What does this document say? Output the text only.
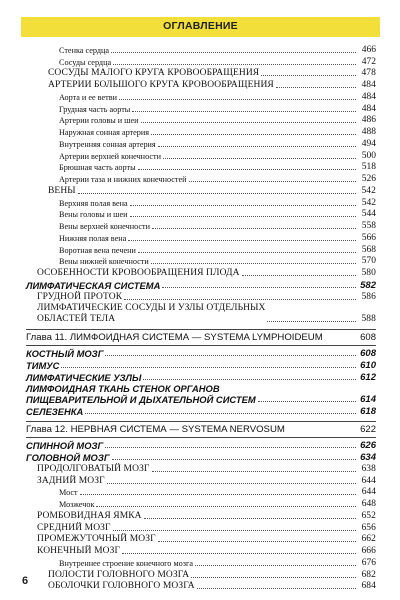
ОГЛАВЛЕНИЕ
Стенка сердца	466
Сосуды сердца	472
СОСУДЫ МАЛОГО КРУГА КРОВООБРАЩЕНИЯ	478
АРТЕРИИ БОЛЬШОГО КРУГА КРОВООБРАЩЕНИЯ	484
Аорта и ее ветви	484
Грудная часть аорты	484
Артерии головы и шеи	486
Наружная сонная артерия	488
Внутренняя сонная артерия	494
Артерии верхней конечности	500
Брюшная часть аорты	518
Артерии таза и нижних конечностей	526
ВЕНЫ	542
Верхняя полая вена	542
Вены головы и шеи	544
Вены верхней конечности	558
Нижняя полая вена	566
Воротная вена печени	568
Вены нижней конечности	570
ОСОБЕННОСТИ КРОВООБРАЩЕНИЯ ПЛОДА	580
ЛИМФАТИЧЕСКАЯ СИСТЕМА	582
ГРУДНОЙ ПРОТОК	586
ЛИМФАТИЧЕСКИЕ СОСУДЫ И УЗЛЫ ОТДЕЛЬНЫХ
ОБЛАСТЕЙ ТЕЛА	588
Глава 11. ЛИМФОИДНАЯ СИСТЕМА — SYSTEMA LYMPHOIDEUM	608
КОСТНЫЙ МОЗГ	608
ТИМУС	610
ЛИМФАТИЧЕСКИЕ УЗЛЫ	612
ЛИМФОИДНАЯ ТКАНЬ СТЕНОК ОРГАНОВ
ПИЩЕВАРИТЕЛЬНОЙ И ДЫХАТЕЛЬНОЙ СИСТЕМ	614
СЕЛЕЗЕНКА	618
Глава 12. НЕРВНАЯ СИСТЕМА — SYSTEMA NERVOSUM	622
СПИННОЙ МОЗГ	626
ГОЛОВНОЙ МОЗГ	634
ПРОДОЛГОВАТЫЙ МОЗГ	638
ЗАДНИЙ МОЗГ	644
Мост	644
Мозжечок	648
РОМБОВИДНАЯ ЯМКА	652
СРЕДНИЙ МОЗГ	656
ПРОМЕЖУТОЧНЫЙ МОЗГ	662
КОНЕЧНЫЙ МОЗГ	666
Внутреннее строение конечного мозга	676
ПОЛОСТИ ГОЛОВНОГО МОЗГА	682
ОБОЛОЧКИ ГОЛОВНОГО МОЗГА	684
6
